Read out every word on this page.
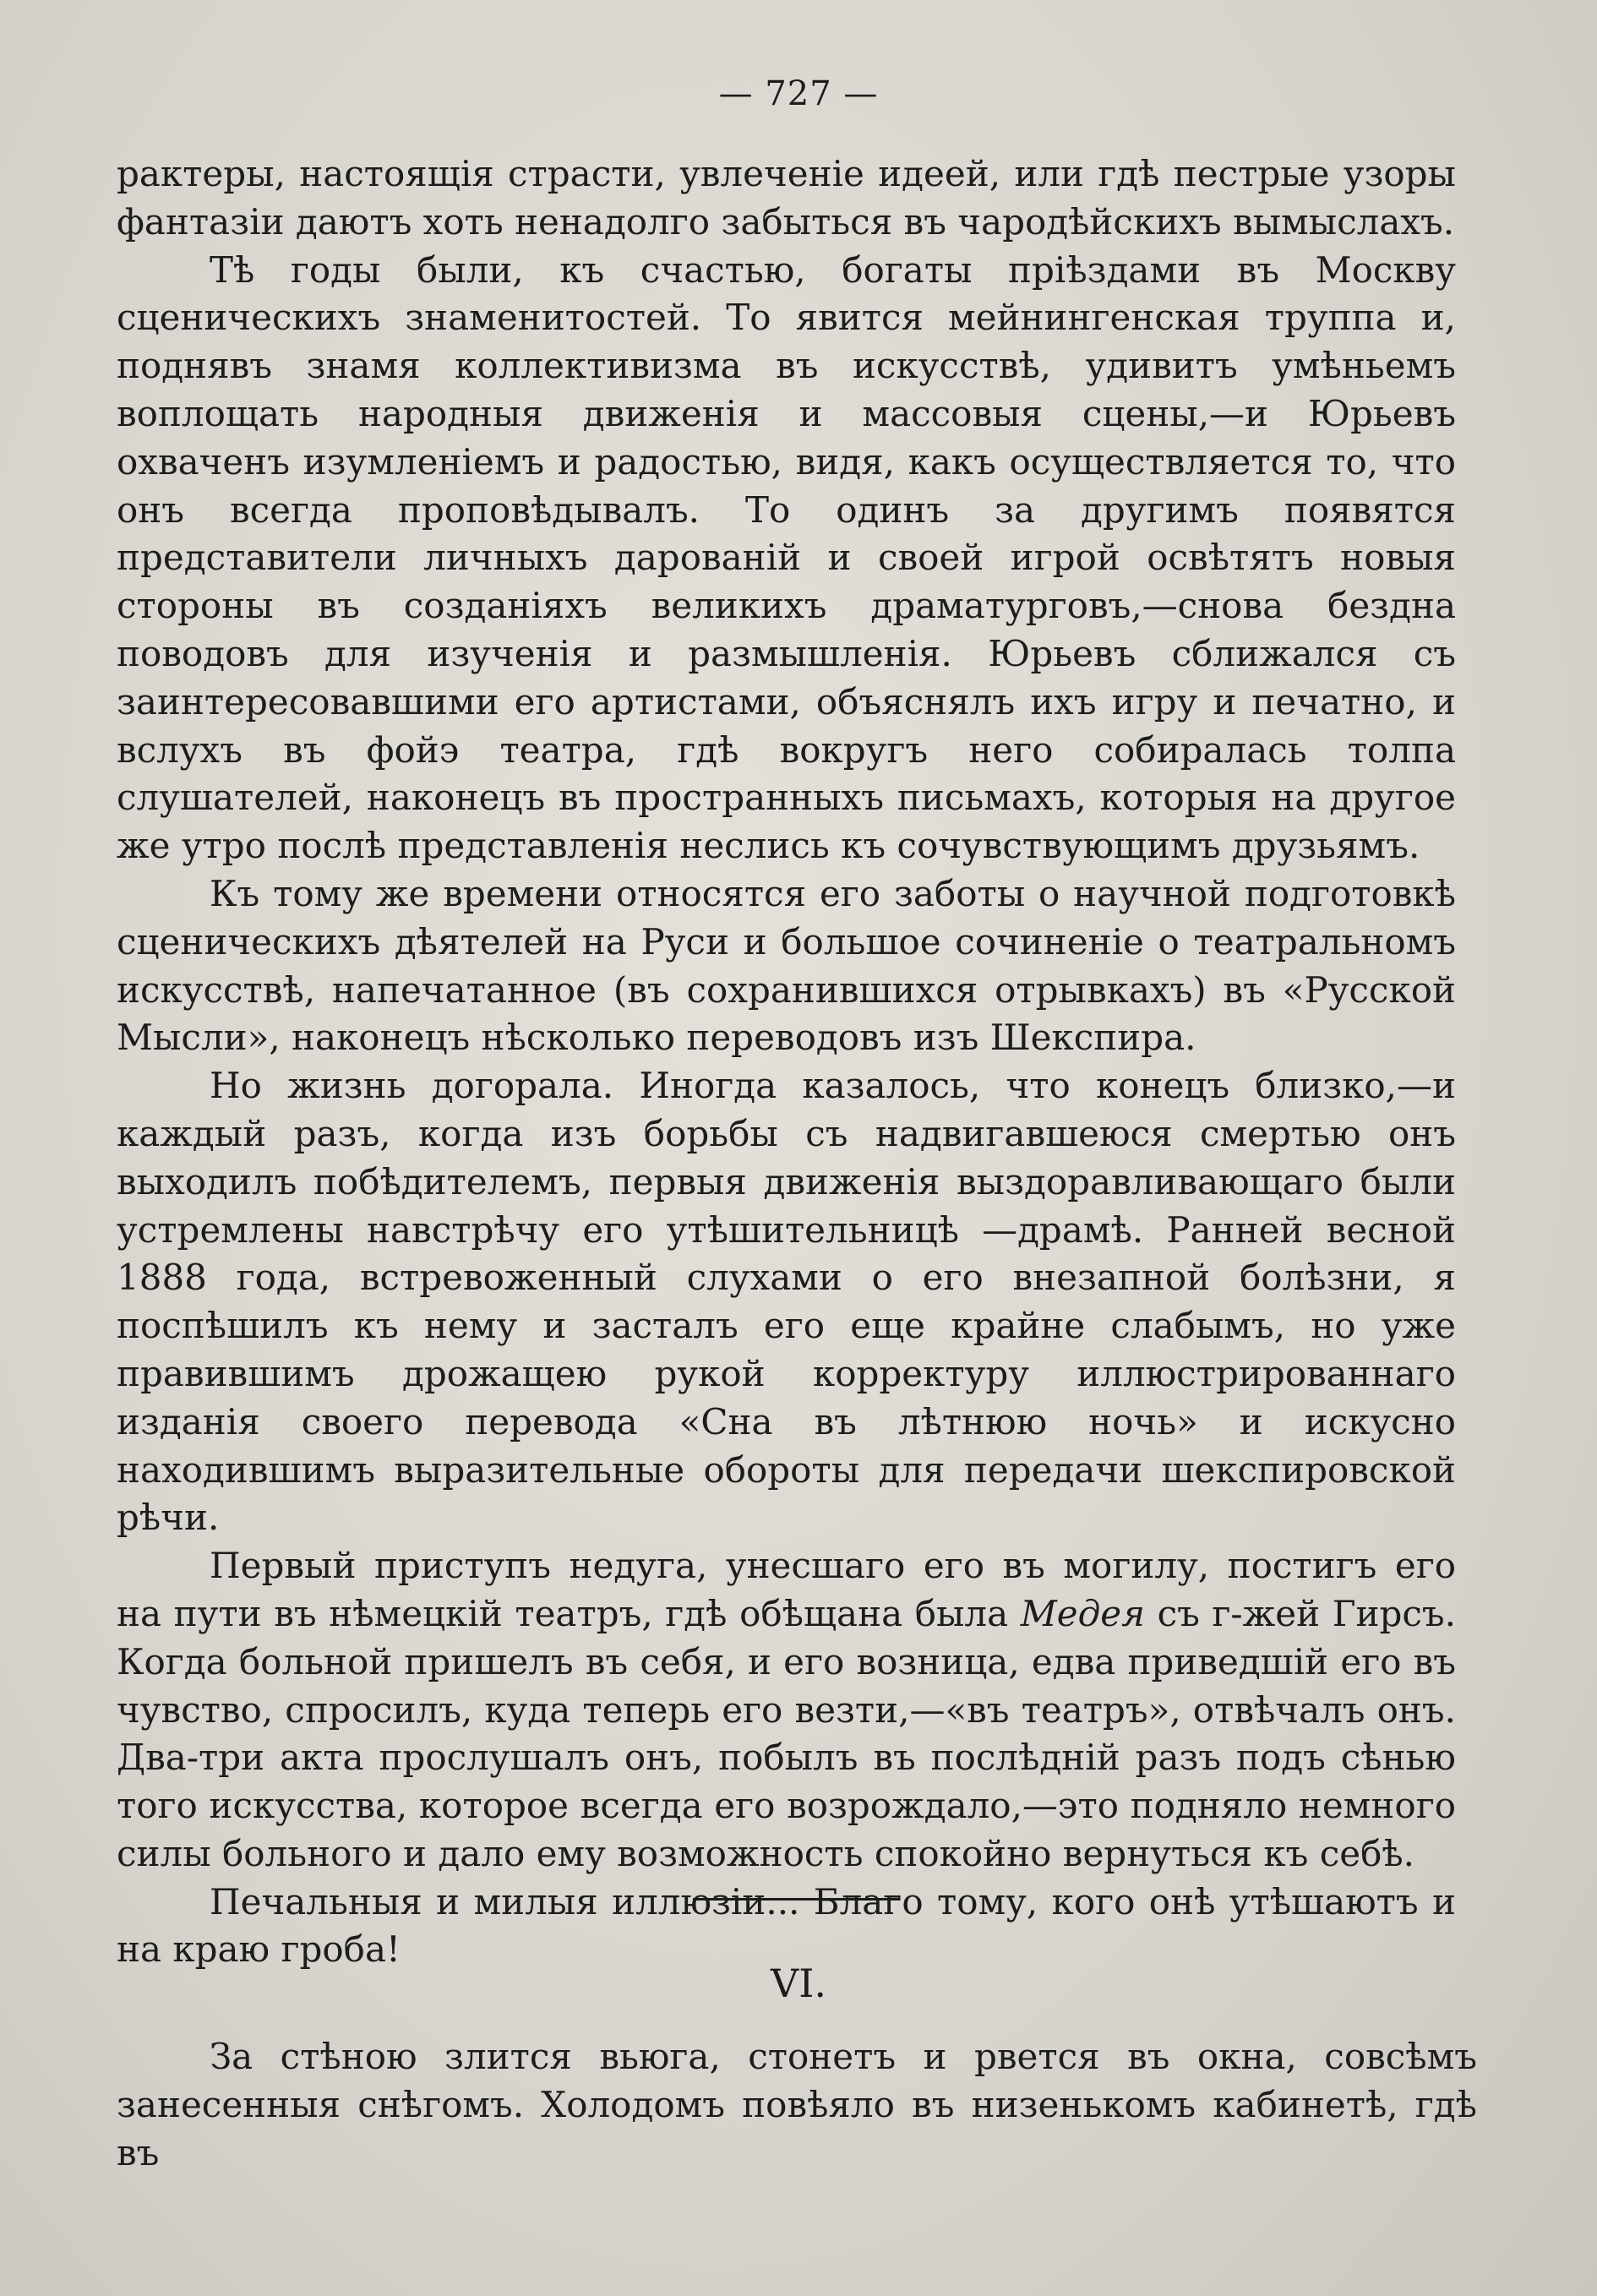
— 727 —

рактеры, настоящія страсти, увлеченіе идеей, или гдѣ пестрые узоры фантазіи даютъ хоть ненадолго забыться въ чародѣйскихъ вымыслахъ.

Тѣ годы были, къ счастью, богаты пріѣздами въ Москву сценическихъ знаменитостей. То явится мейнингенская труппа и, поднявъ знамя коллективизма въ искусствѣ, удивитъ умѣньемъ воплощать народныя движенія и массовыя сцены,—и Юрьевъ охваченъ изумленіемъ и радостью, видя, какъ осуществляется то, что онъ всегда проповѣдывалъ. То одинъ за другимъ появятся представители личныхъ дарованій и своей игрой освѣтятъ новыя стороны въ созданіяхъ великихъ драматурговъ,—снова бездна поводовъ для изученія и размышленія. Юрьевъ сближался съ заинтересовавшими его артистами, объяснялъ ихъ игру и печатно, и вслухъ въ фойэ театра, гдѣ вокругъ него собиралась толпа слушателей, наконецъ въ пространныхъ письмахъ, которыя на другое же утро послѣ представленія неслись къ сочувствующимъ друзьямъ.

Къ тому же времени относятся его заботы о научной подготовкѣ сценическихъ дѣятелей на Руси и большое сочиненіе о театральномъ искусствѣ, напечатанное (въ сохранившихся отрывкахъ) въ «Русской Мысли», наконецъ нѣсколько переводовъ изъ Шекспира.

Но жизнь догорала. Иногда казалось, что конецъ близко,—и каждый разъ, когда изъ борьбы съ надвигавшеюся смертью онъ выходилъ побѣдителемъ, первыя движенія выздоравливающаго были устремлены навстрѣчу его утѣшительницѣ —драмѣ. Ранней весной 1888 года, встревоженный слухами о его внезапной болѣзни, я поспѣшилъ къ нему и засталъ его еще крайне слабымъ, но уже правившимъ дрожащею рукой корректуру иллюстрированнаго изданія своего перевода «Сна въ лѣтнюю ночь» и искусно находившимъ выразительные обороты для передачи шекспировской рѣчи.

Первый приступъ недуга, унесшаго его въ могилу, постигъ его на пути въ нѣмецкій театръ, гдѣ обѣщана была Медея съ г-жей Гирсъ. Когда больной пришелъ въ себя, и его возница, едва приведшій его въ чувство, спросилъ, куда теперь его везти,—«въ театръ», отвѣчалъ онъ. Два-три акта прослушалъ онъ, побылъ въ послѣдній разъ подъ сѣнью того искусства, которое всегда его возрождало,—это подняло немного силы больного и дало ему возможность спокойно вернуться къ себѣ.

Печальныя и милыя иллюзіи... Благо тому, кого онѣ утѣшаютъ и на краю гроба!

VI.

За стѣною злится вьюга, стонетъ и рвется въ окна, совсѣмъ занесенныя снѣгомъ. Холодомъ повѣяло въ низенькомъ кабинетѣ, гдѣ въ
